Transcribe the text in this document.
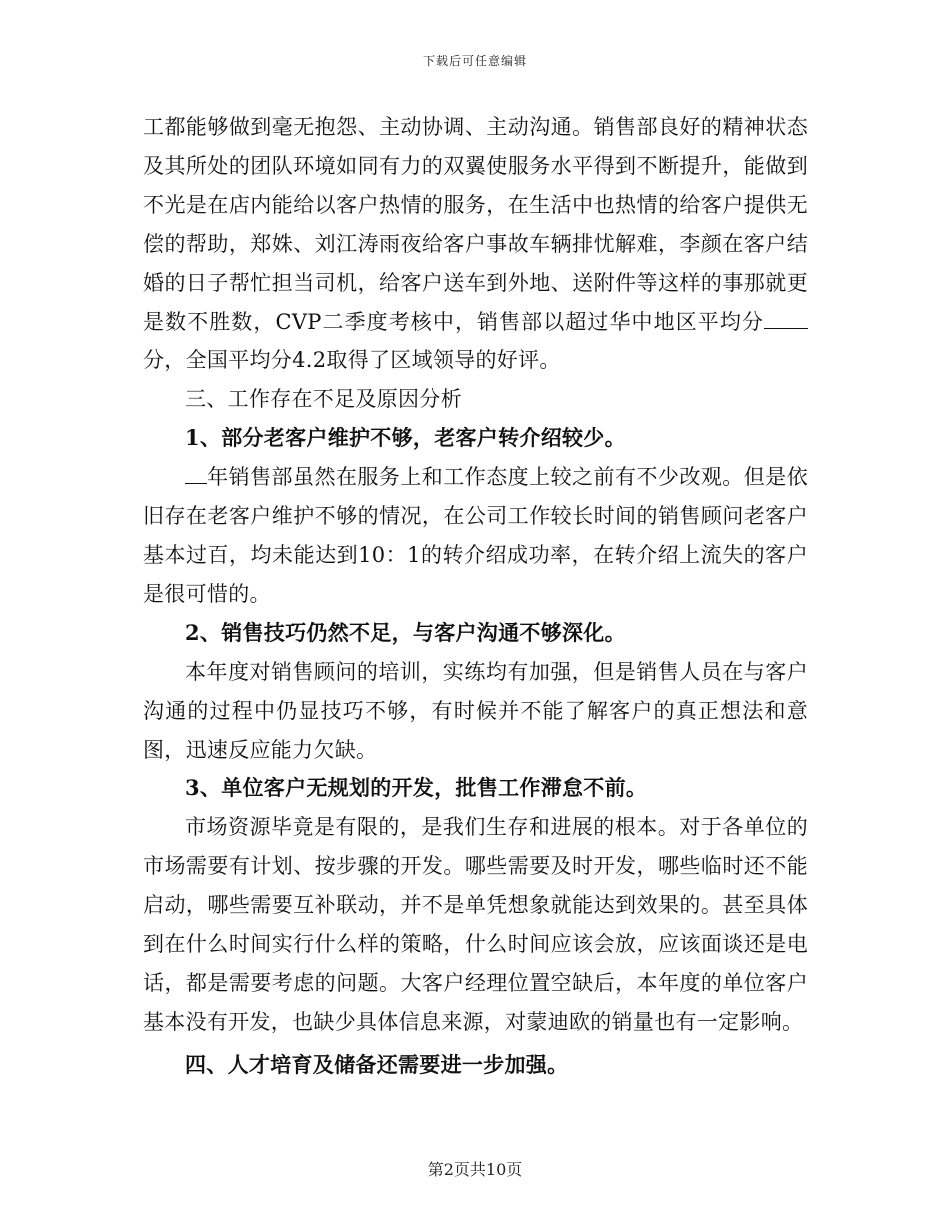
下载后可任意编辑

工都能够做到毫无抱怨、主动协调、主动沟通。销售部良好的精神状态及其所处的团队环境如同有力的双翼使服务水平得到不断提升，能做到不光是在店内能给以客户热情的服务，在生活中也热情的给客户提供无偿的帮助，郑姝、刘江涛雨夜给客户事故车辆排忧解难，李颜在客户结婚的日子帮忙担当司机，给客户送车到外地、送附件等这样的事那就更是数不胜数，CVP二季度考核中，销售部以超过华中地区平均分分，全国平均分4.2取得了区域领导的好评。

三、工作存在不足及原因分析

1、部分老客户维护不够，老客户转介绍较少。

年销售部虽然在服务上和工作态度上较之前有不少改观。但是依旧存在老客户维护不够的情况，在公司工作较长时间的销售顾问老客户基本过百，均未能达到10：1的转介绍成功率，在转介绍上流失的客户是很可惜的。

2、销售技巧仍然不足，与客户沟通不够深化。

本年度对销售顾问的培训，实练均有加强，但是销售人员在与客户沟通的过程中仍显技巧不够，有时候并不能了解客户的真正想法和意图，迅速反应能力欠缺。

3、单位客户无规划的开发，批售工作滞怠不前。

市场资源毕竟是有限的，是我们生存和进展的根本。对于各单位的市场需要有计划、按步骤的开发。哪些需要及时开发，哪些临时还不能启动，哪些需要互补联动，并不是单凭想象就能达到效果的。甚至具体到在什么时间实行什么样的策略，什么时间应该会放，应该面谈还是电话，都是需要考虑的问题。大客户经理位置空缺后，本年度的单位客户基本没有开发，也缺少具体信息来源，对蒙迪欧的销量也有一定影响。

四、人才培育及储备还需要进一步加强。

第2页共10页
